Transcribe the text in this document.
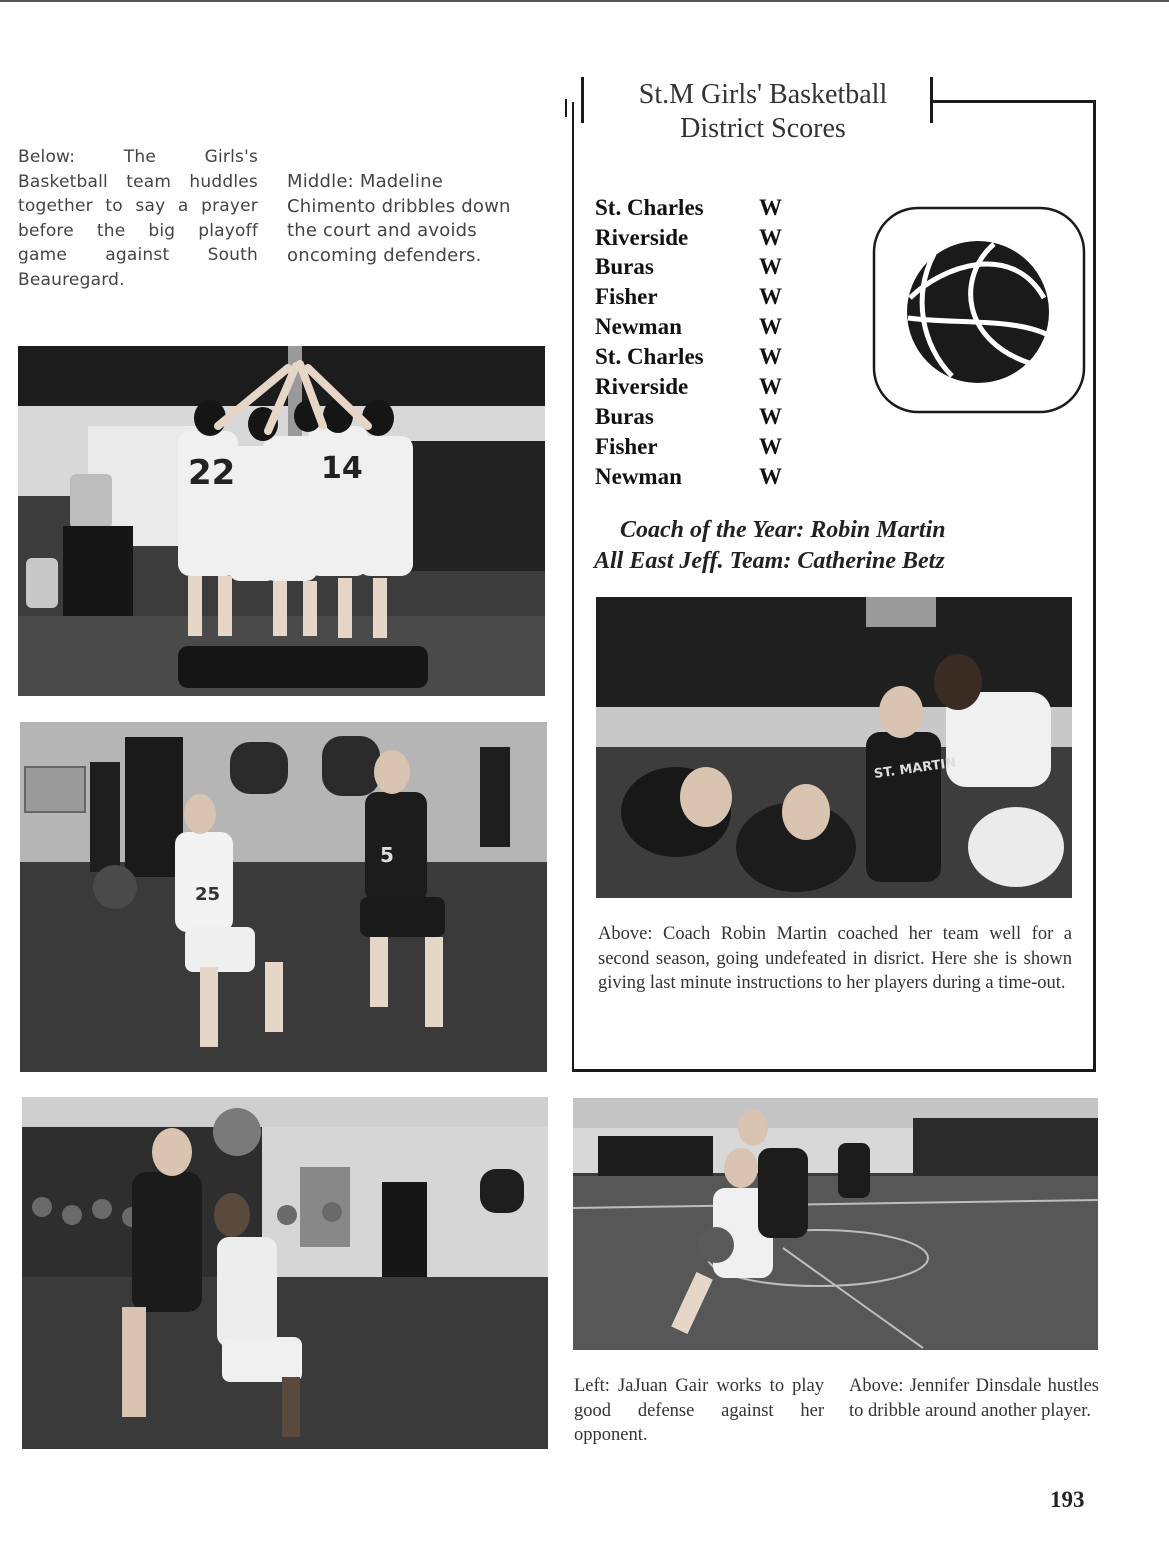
Below: The Girls's Basketball team huddles together to say a prayer before the big playoff game against South Beauregard.
Middle: Madeline Chimento dribbles down the court and avoids oncoming defenders.
22	14
25
5
St.M Girls' Basketball
District Scores
St. Charles W
Riverside	W
Buras	W
Fisher	W
Newman	W
St. Charles W
Riverside	W
Buras	W
Fisher	W
Newman	W
Coach of the Year: Robin Martin
All East Jeff. Team: Catherine Betz
ST. MARTIN
Above: Coach Robin Martin coached her team well for a second season, going undefeated in disrict. Here she is shown giving last minute instructions to her players during a time-out.
Left: JaJuan Gair works to play good defense against her opponent.
Above: Jennifer Dinsdale hustles to dribble around another player.
193
